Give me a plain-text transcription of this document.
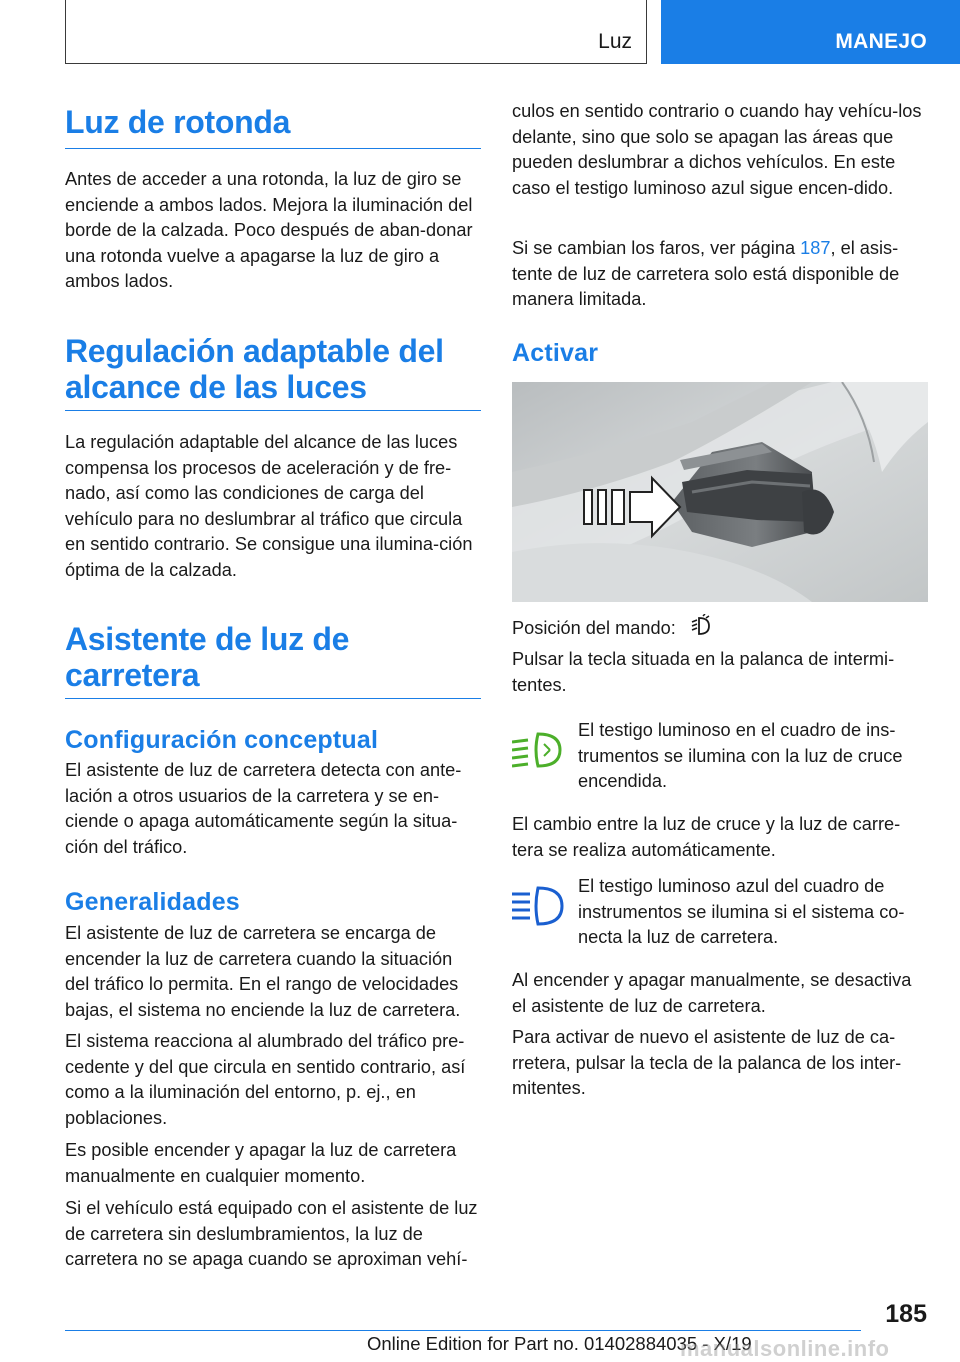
Luz	MANEJO
Luz de rotonda

Antes de acceder a una rotonda, la luz de giro se enciende a ambos lados. Mejora la iluminación del borde de la calzada. Poco después de aban-donar una rotonda vuelve a apagarse la luz de giro a ambos lados.

Regulación adaptable del
alcance de las luces

La regulación adaptable del alcance de las luces compensa los procesos de aceleración y de fre-nado, así como las condiciones de carga del vehículo para no deslumbrar al tráfico que circula en sentido contrario. Se consigue una ilumina-ción óptima de la calzada.

Asistente de luz de
carretera
Configuración conceptual

El asistente de luz de carretera detecta con ante-lación a otros usuarios de la carretera y se en-ciende o apaga automáticamente según la situa-ción del tráfico.

Generalidades

El asistente de luz de carretera se encarga de encender la luz de carretera cuando la situación del tráfico lo permita. En el rango de velocidades bajas, el sistema no enciende la luz de carretera.

El sistema reacciona al alumbrado del tráfico pre-cedente y del que circula en sentido contrario, así como a la iluminación del entorno, p. ej., en poblaciones.

Es posible encender y apagar la luz de carretera manualmente en cualquier momento.

Si el vehículo está equipado con el asistente de luz de carretera sin deslumbramientos, la luz de carretera no se apaga cuando se aproximan vehí-

culos en sentido contrario o cuando hay vehícu-los delante, sino que solo se apagan las áreas que pueden deslumbrar a dichos vehículos. En este caso el testigo luminoso azul sigue encen-dido.

Si se cambian los faros, ver página 187, el asis-tente de luz de carretera solo está disponible de manera limitada.

Activar

Posición del mando:

Pulsar la tecla situada en la palanca de intermi-tentes.

El testigo luminoso en el cuadro de ins-trumentos se ilumina con la luz de cruce encendida.

El cambio entre la luz de cruce y la luz de carre-tera se realiza automáticamente.

El testigo luminoso azul del cuadro de instrumentos se ilumina si el sistema co-necta la luz de carretera.

Al encender y apagar manualmente, se desactiva el asistente de luz de carretera.

Para activar de nuevo el asistente de luz de ca-rretera, pulsar la tecla de la palanca de los inter-mitentes.

185
Online Edition for Part no. 01402884035 - X/19
manualsonline.info
